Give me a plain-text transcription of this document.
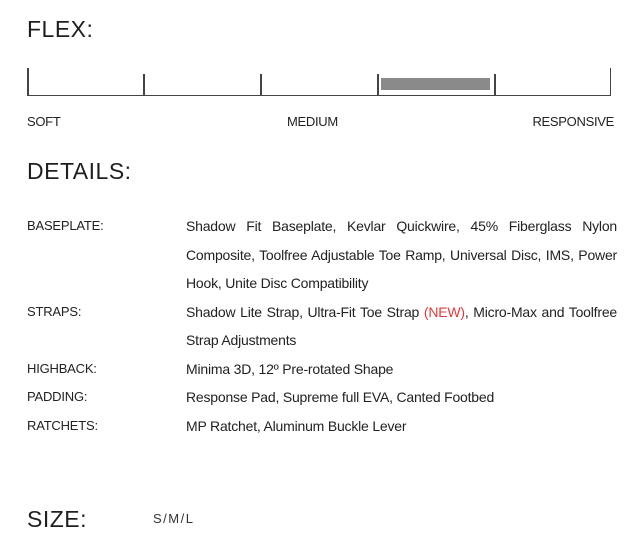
FLEX:
SOFT	MEDIUM	RESPONSIVE
DETAILS:
BASEPLATE:	Shadow Fit Baseplate, Kevlar Quickwire, 45% Fiberglass Nylon Composite, Toolfree Adjustable Toe Ramp, Universal Disc, IMS, Power Hook, Unite Disc Compatibility
STRAPS:	Shadow Lite Strap, Ultra-Fit Toe Strap (NEW), Micro-Max and Toolfree Strap Adjustments
HIGHBACK:	Minima 3D, 12º Pre-rotated Shape
PADDING:	Response Pad, Supreme full EVA, Canted Footbed
RATCHETS:	MP Ratchet, Aluminum Buckle Lever
SIZE:	S/M/L
